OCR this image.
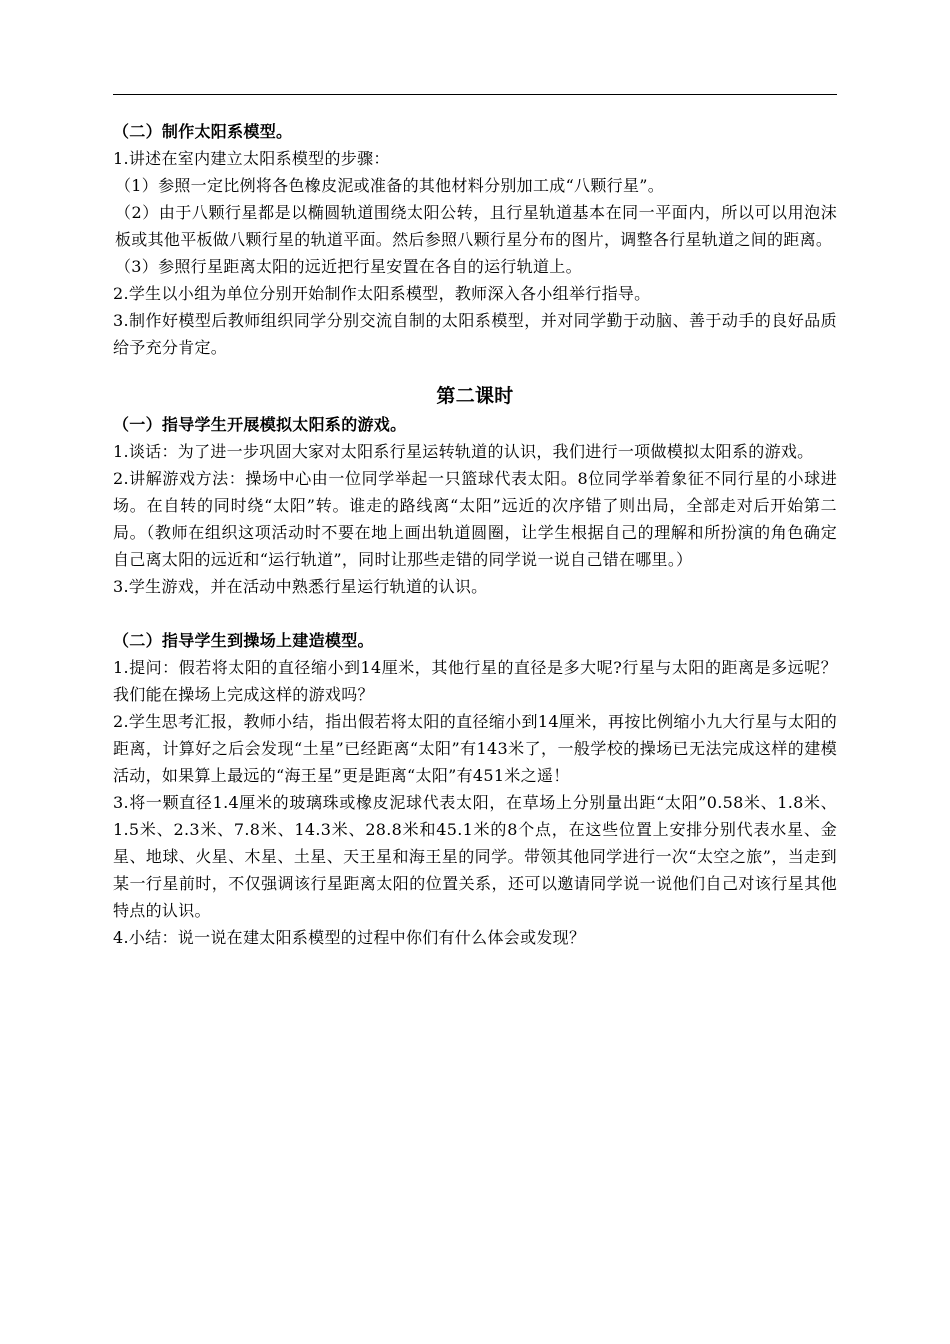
（二）制作太阳系模型。

1.讲述在室内建立太阳系模型的步骤：

（1）参照一定比例将各色橡皮泥或准备的其他材料分别加工成“八颗行星”。

（2）由于八颗行星都是以椭圆轨道围绕太阳公转，且行星轨道基本在同一平面内，所以可以用泡沫板或其他平板做八颗行星的轨道平面。然后参照八颗行星分布的图片，调整各行星轨道之间的距离。

（3）参照行星距离太阳的远近把行星安置在各自的运行轨道上。

2.学生以小组为单位分别开始制作太阳系模型，教师深入各小组举行指导。

3.制作好模型后教师组织同学分别交流自制的太阳系模型，并对同学勤于动脑、善于动手的良好品质给予充分肯定。

第二课时

（一）指导学生开展模拟太阳系的游戏。

1.谈话：为了进一步巩固大家对太阳系行星运转轨道的认识，我们进行一项做模拟太阳系的游戏。

2.讲解游戏方法：操场中心由一位同学举起一只篮球代表太阳。8位同学举着象征不同行星的小球进场。在自转的同时绕“太阳”转。谁走的路线离“太阳”远近的次序错了则出局，全部走对后开始第二局。（教师在组织这项活动时不要在地上画出轨道圆圈，让学生根据自己的理解和所扮演的角色确定自己离太阳的远近和“运行轨道”，同时让那些走错的同学说一说自己错在哪里。）

3.学生游戏，并在活动中熟悉行星运行轨道的认识。

（二）指导学生到操场上建造模型。

1.提问：假若将太阳的直径缩小到14厘米，其他行星的直径是多大呢?行星与太阳的距离是多远呢？我们能在操场上完成这样的游戏吗？

2.学生思考汇报，教师小结，指出假若将太阳的直径缩小到14厘米，再按比例缩小九大行星与太阳的距离，计算好之后会发现“土星”已经距离“太阳”有143米了，一般学校的操场已无法完成这样的建模活动，如果算上最远的“海王星”更是距离“太阳”有451米之遥！

3.将一颗直径1.4厘米的玻璃珠或橡皮泥球代表太阳，在草场上分别量出距“太阳”0.58米、1.8米、1.5米、2.3米、7.8米、14.3米、28.8米和45.1米的8个点，在这些位置上安排分别代表水星、金星、地球、火星、木星、土星、天王星和海王星的同学。带领其他同学进行一次“太空之旅”，当走到某一行星前时，不仅强调该行星距离太阳的位置关系，还可以邀请同学说一说他们自己对该行星其他特点的认识。

4.小结：说一说在建太阳系模型的过程中你们有什么体会或发现？
